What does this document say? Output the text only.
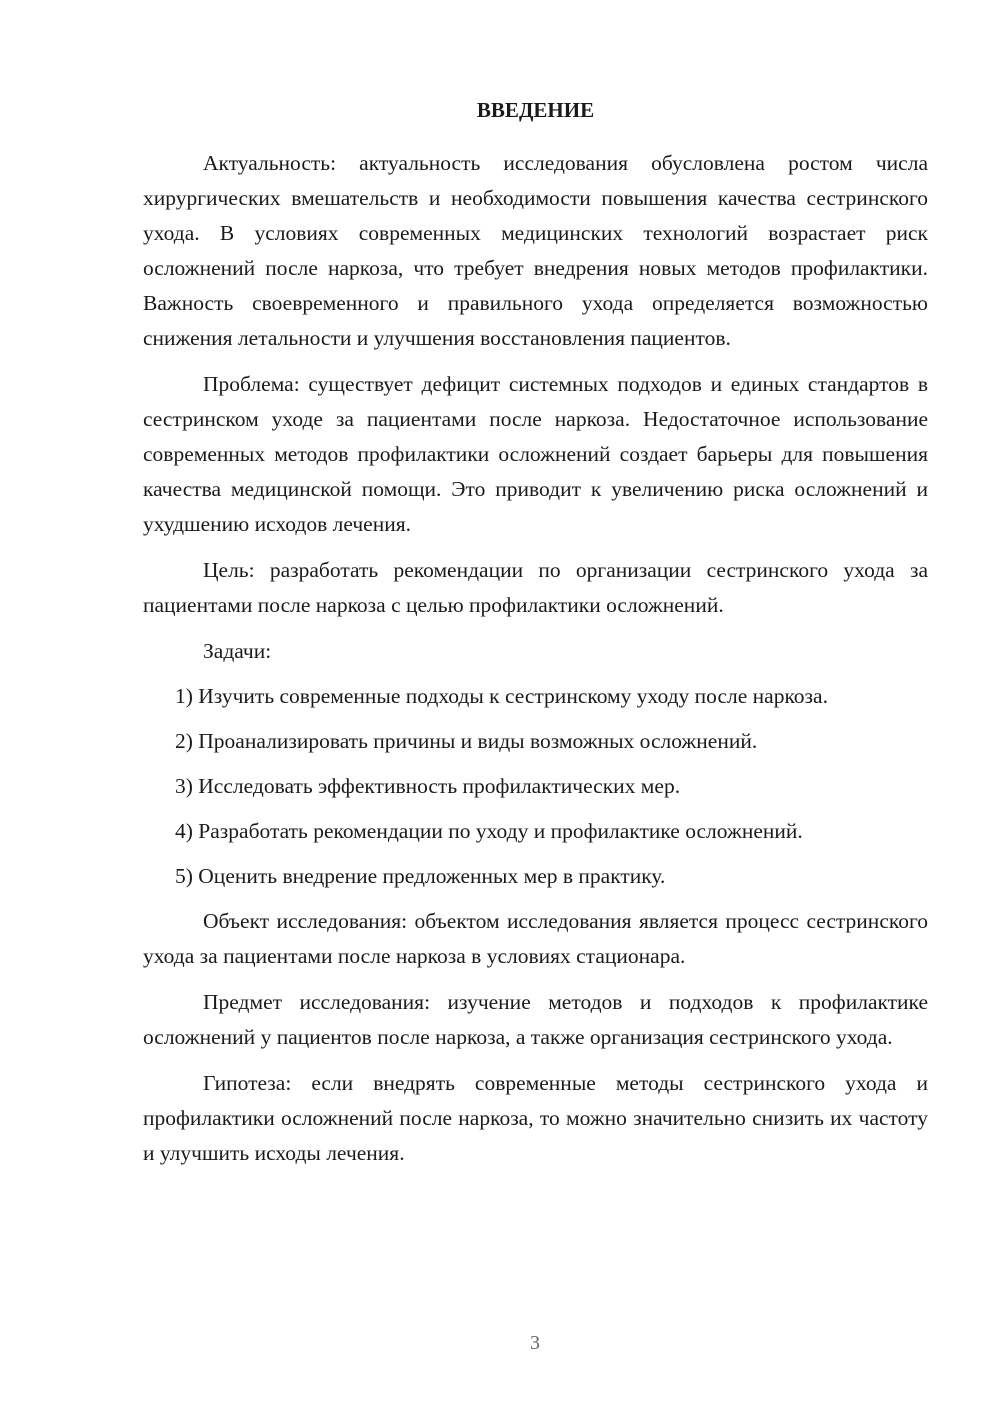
ВВЕДЕНИЕ

Актуальность: актуальность исследования обусловлена ростом числа хирургических вмешательств и необходимости повышения качества сестринского ухода. В условиях современных медицинских технологий возрастает риск осложнений после наркоза, что требует внедрения новых методов профилактики. Важность своевременного и правильного ухода определяется возможностью снижения летальности и улучшения восстановления пациентов.

Проблема: существует дефицит системных подходов и единых стандартов в сестринском уходе за пациентами после наркоза. Недостаточное использование современных методов профилактики осложнений создает барьеры для повышения качества медицинской помощи. Это приводит к увеличению риска осложнений и ухудшению исходов лечения.

Цель: разработать рекомендации по организации сестринского ухода за пациентами после наркоза с целью профилактики осложнений.

Задачи:

1) Изучить современные подходы к сестринскому уходу после наркоза.
2) Проанализировать причины и виды возможных осложнений.
3) Исследовать эффективность профилактических мер.
4) Разработать рекомендации по уходу и профилактике осложнений.
5) Оценить внедрение предложенных мер в практику.

Объект исследования: объектом исследования является процесс сестринского ухода за пациентами после наркоза в условиях стационара.

Предмет исследования: изучение методов и подходов к профилактике осложнений у пациентов после наркоза, а также организация сестринского ухода.

Гипотеза: если внедрять современные методы сестринского ухода и профилактики осложнений после наркоза, то можно значительно снизить их частоту и улучшить исходы лечения.

3
